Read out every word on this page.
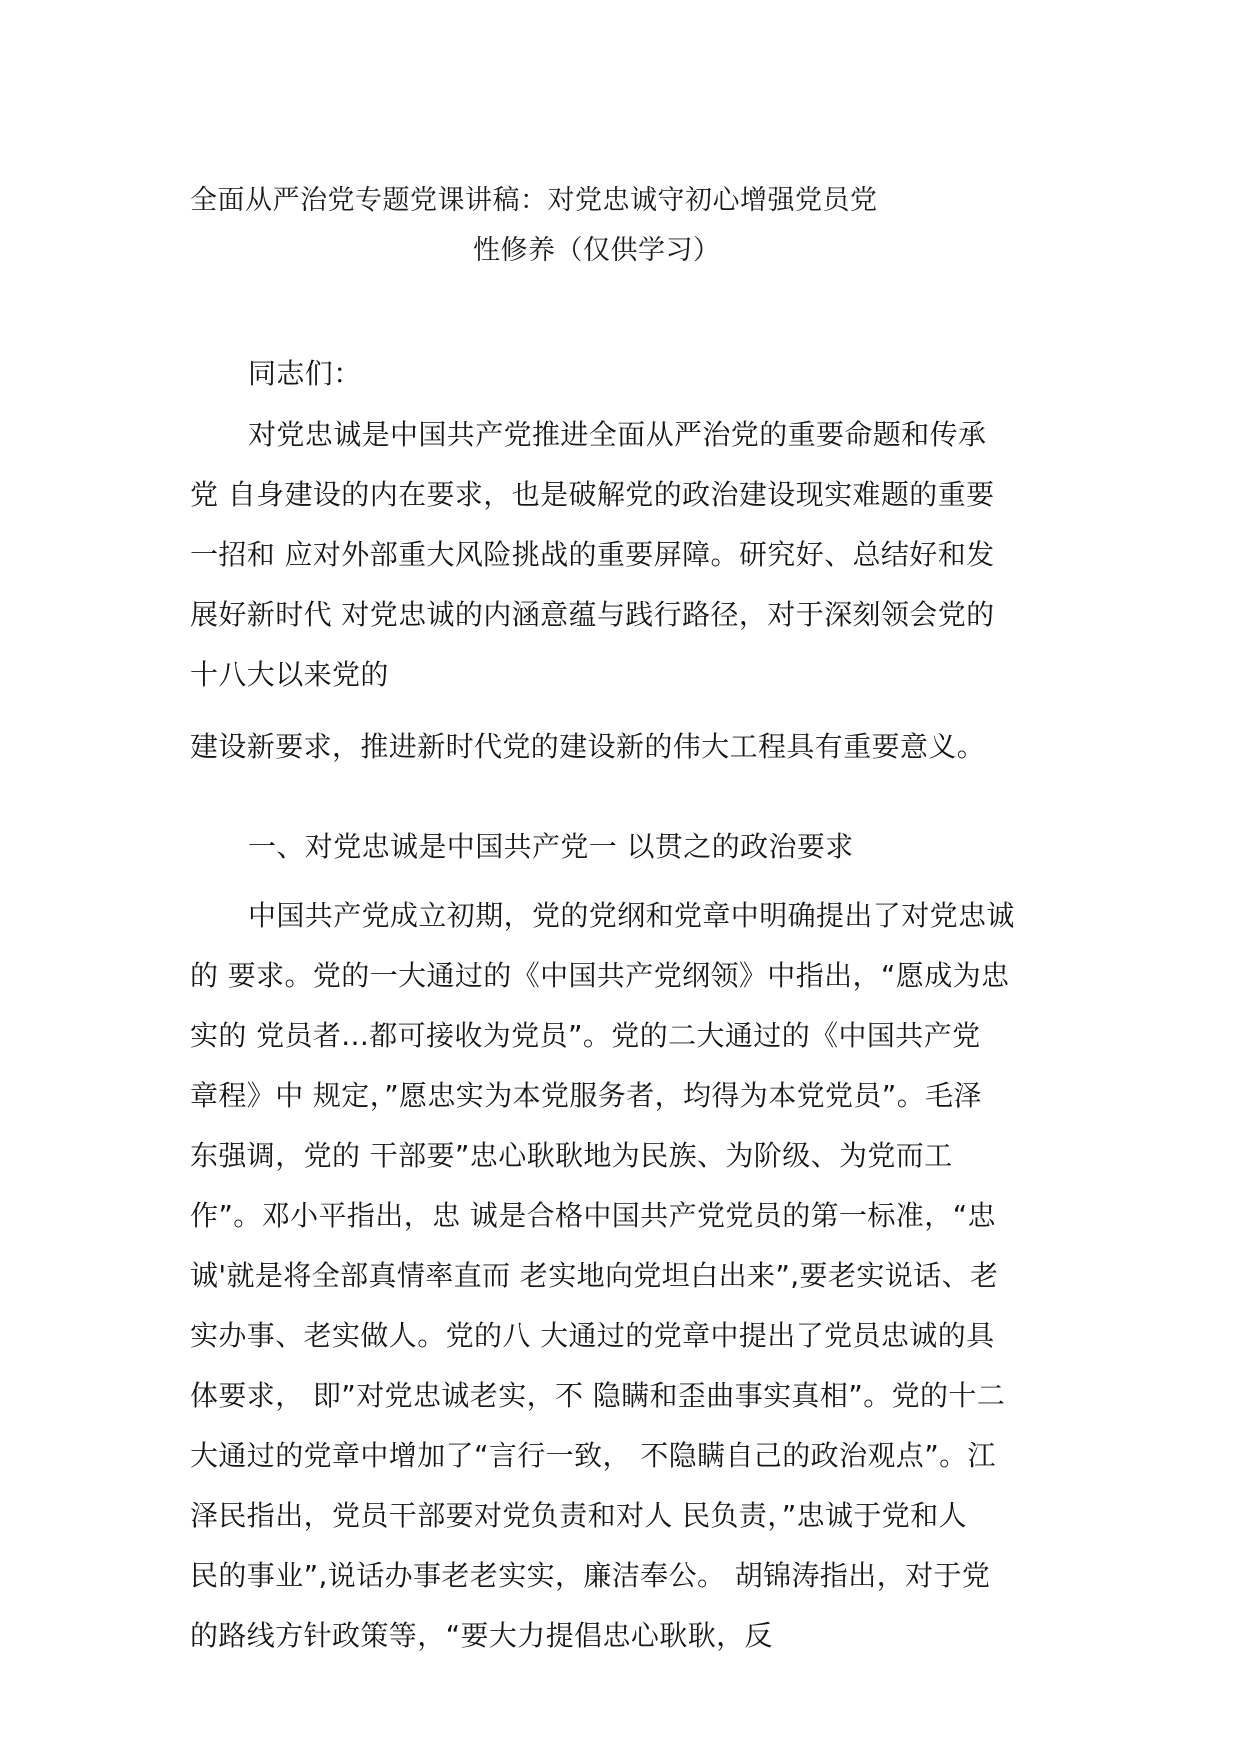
全面从严治党专题党课讲稿：对党忠诚守初心增强党员党
性修养（仅供学习）
同志们：
对党忠诚是中国共产党推进全面从严治党的重要命题和传承
党 自身建设的内在要求，也是破解党的政治建设现实难题的重要
一招和 应对外部重大风险挑战的重要屏障。研究好、总结好和发
展好新时代 对党忠诚的内涵意蕴与践行路径，对于深刻领会党的
十八大以来党的
建设新要求，推进新时代党的建设新的伟大工程具有重要意义。
一、对党忠诚是中国共产党一 以贯之的政治要求
中国共产党成立初期，党的党纲和党章中明确提出了对党忠诚
的 要求。党的一大通过的《中国共产党纲领》中指出，“愿成为忠
实的 党员者...都可接收为党员”。党的二大通过的《中国共产党
章程》中 规定，”愿忠实为本党服务者，均得为本党党员”。毛泽
东强调，党的 干部要”忠心耿耿地为民族、为阶级、为党而工
作”。邓小平指出，忠 诚是合格中国共产党党员的第一标准，“忠
诚'就是将全部真情率直而 老实地向党坦白出来”,要老实说话、老
实办事、老实做人。党的八 大通过的党章中提出了党员忠诚的具
体要求， 即”对党忠诚老实，不 隐瞒和歪曲事实真相”。党的十二
大通过的党章中增加了“言行一致， 不隐瞒自己的政治观点”。江
泽民指出，党员干部要对党负责和对人 民负责，”忠诚于党和人
民的事业”,说话办事老老实实，廉洁奉公。 胡锦涛指出，对于党
的路线方针政策等，“要大力提倡忠心耿耿，反
